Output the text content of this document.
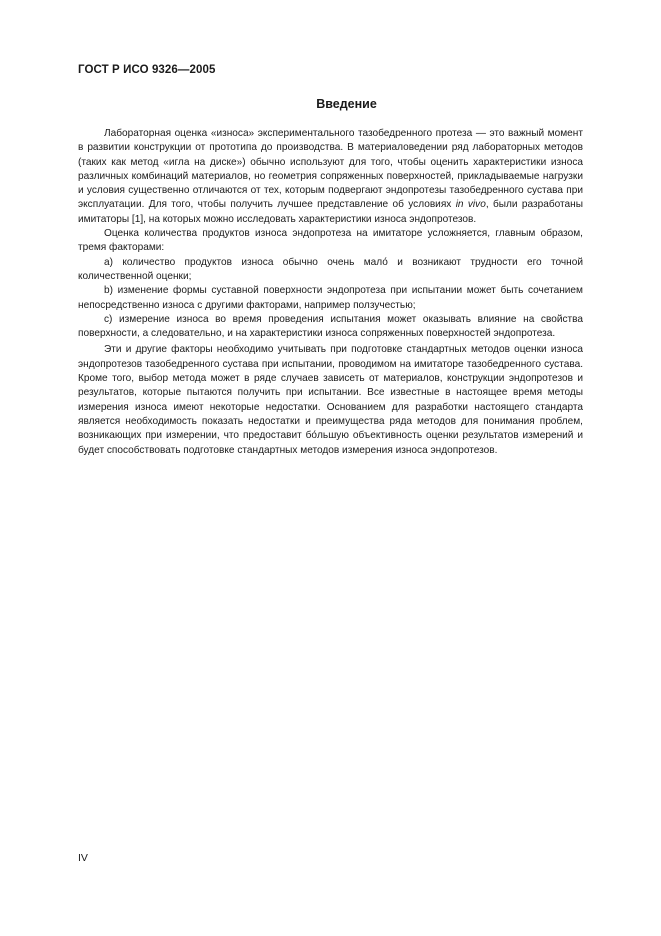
ГОСТ Р ИСО 9326—2005
Введение

Лабораторная оценка «износа» экспериментального тазобедренного протеза — это важный момент в развитии конструкции от прототипа до производства. В материаловедении ряд лабораторных методов (таких как метод «игла на диске») обычно используют для того, чтобы оценить характеристики износа различных комбинаций материалов, но геометрия сопряженных поверхностей, прикладываемые нагрузки и условия существенно отличаются от тех, которым подвергают эндопротезы тазобедренного сустава при эксплуатации. Для того, чтобы получить лучшее представление об условиях in vivo, были разработаны имитаторы [1], на которых можно исследовать характеристики износа эндопротезов.

Оценка количества продуктов износа эндопротеза на имитаторе усложняется, главным образом, тремя факторами:

а) количество продуктов износа обычно очень мало́ и возникают трудности его точной количественной оценки;

b) изменение формы суставной поверхности эндопротеза при испытании может быть сочетанием непосредственно износа с другими факторами, например ползучестью;

с) измерение износа во время проведения испытания может оказывать влияние на свойства поверхности, а следовательно, и на характеристики износа сопряженных поверхностей эндопротеза.

Эти и другие факторы необходимо учитывать при подготовке стандартных методов оценки износа эндопротезов тазобедренного сустава при испытании, проводимом на имитаторе тазобедренного сустава. Кроме того, выбор метода может в ряде случаев зависеть от материалов, конструкции эндопротезов и результатов, которые пытаются получить при испытании. Все известные в настоящее время методы измерения износа имеют некоторые недостатки. Основанием для разработки настоящего стандарта является необходимость показать недостатки и преимущества ряда методов для понимания проблем, возникающих при измерении, что предоставит бо́льшую объективность оценки результатов измерений и будет способствовать подготовке стандартных методов измерения износа эндопротезов.

IV
